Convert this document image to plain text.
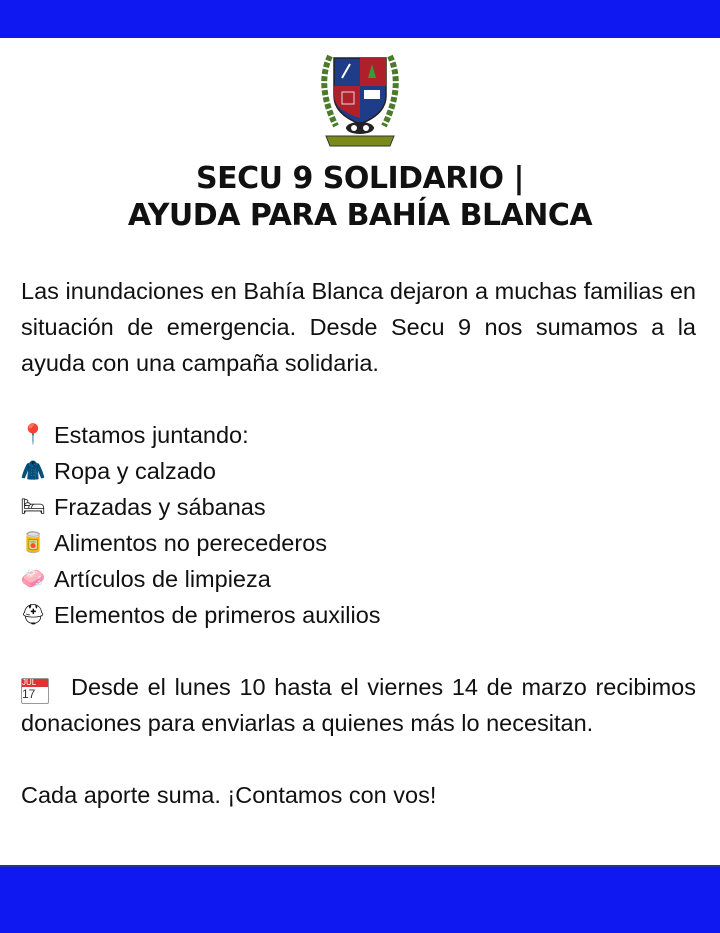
SECU 9 SOLIDARIO |
AYUDA PARA BAHÍA BLANCA

Las inundaciones en Bahía Blanca dejaron a muchas familias en situación de emergencia. Desde Secu 9 nos sumamos a la ayuda con una campaña solidaria.

📍 Estamos juntando:
🧥 Ropa y calzado
🛏 Frazadas y sábanas
🥫 Alimentos no perecederos
🧼 Artículos de limpieza
⛑ Elementos de primeros auxilios

JUL
17	Desde el lunes 10 hasta el viernes 14 de marzo recibimos donaciones para enviarlas a quienes más lo necesitan.

Cada aporte suma. ¡Contamos con vos!
